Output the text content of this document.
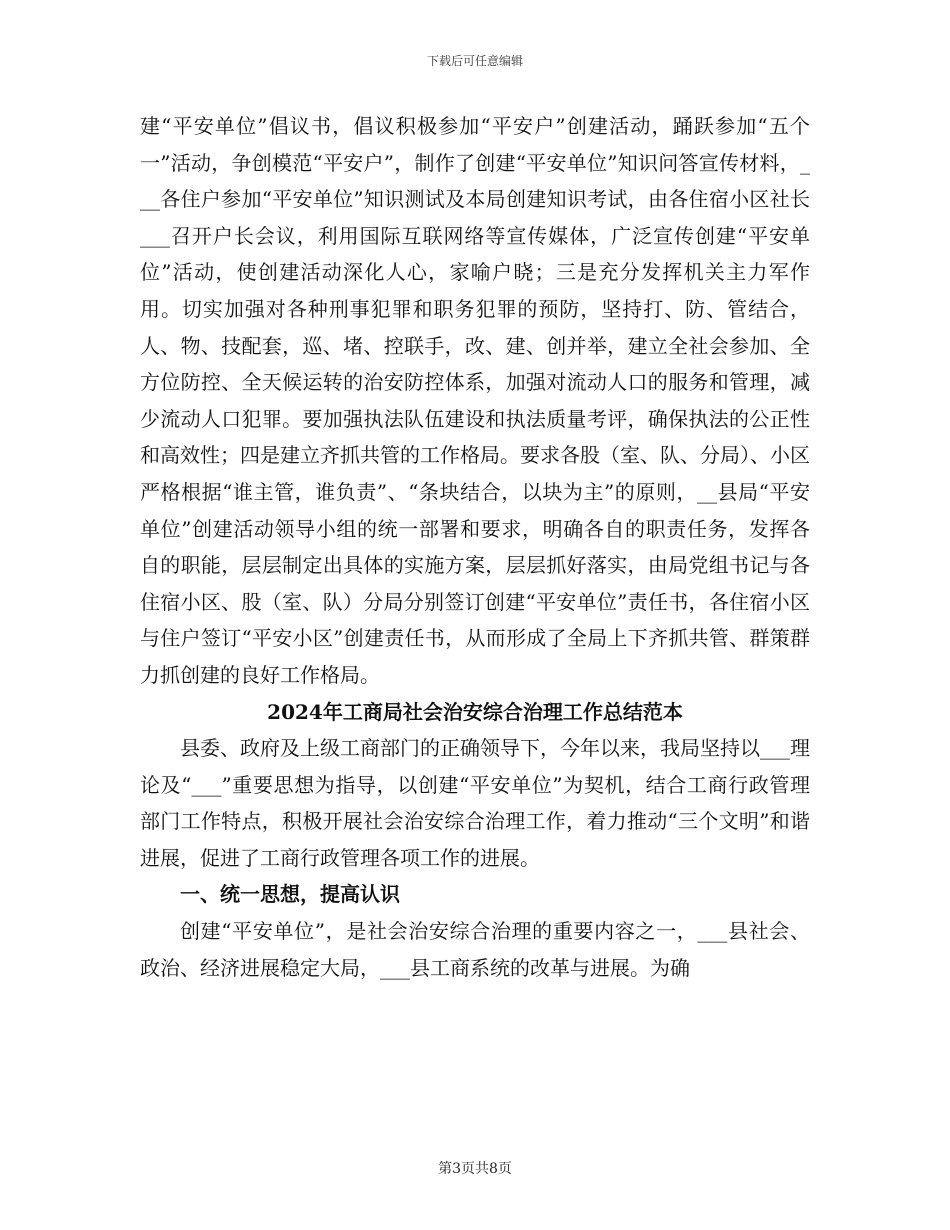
下载后可任意编辑

建“平安单位”倡议书，倡议积极参加“平安户”创建活动，踊跃参加“五个一”活动，争创模范“平安户”，制作了创建“平安单位”知识问答宣传材料，___各住户参加“平安单位”知识测试及本局创建知识考试，由各住宿小区社长___召开户长会议，利用国际互联网络等宣传媒体，广泛宣传创建“平安单位”活动，使创建活动深化人心，家喻户晓；三是充分发挥机关主力军作用。切实加强对各种刑事犯罪和职务犯罪的预防，坚持打、防、管结合，人、物、技配套，巡、堵、控联手，改、建、创并举，建立全社会参加、全方位防控、全天候运转的治安防控体系，加强对流动人口的服务和管理，减少流动人口犯罪。要加强执法队伍建设和执法质量考评，确保执法的公正性和高效性；四是建立齐抓共管的工作格局。要求各股（室、队、分局）、小区严格根据“谁主管，谁负责”、“条块结合，以块为主”的原则，__县局“平安单位”创建活动领导小组的统一部署和要求，明确各自的职责任务，发挥各自的职能，层层制定出具体的实施方案，层层抓好落实，由局党组书记与各住宿小区、股（室、队）分局分别签订创建“平安单位”责任书，各住宿小区与住户签订“平安小区”创建责任书，从而形成了全局上下齐抓共管、群策群力抓创建的良好工作格局。

2024年工商局社会治安综合治理工作总结范本

县委、政府及上级工商部门的正确领导下，今年以来，我局坚持以___理论及“___”重要思想为指导，以创建“平安单位”为契机，结合工商行政管理部门工作特点，积极开展社会治安综合治理工作，着力推动“三个文明”和谐进展，促进了工商行政管理各项工作的进展。

一、统一思想，提高认识

创建“平安单位”，是社会治安综合治理的重要内容之一，___县社会、政治、经济进展稳定大局，___县工商系统的改革与进展。为确

第3页共8页
